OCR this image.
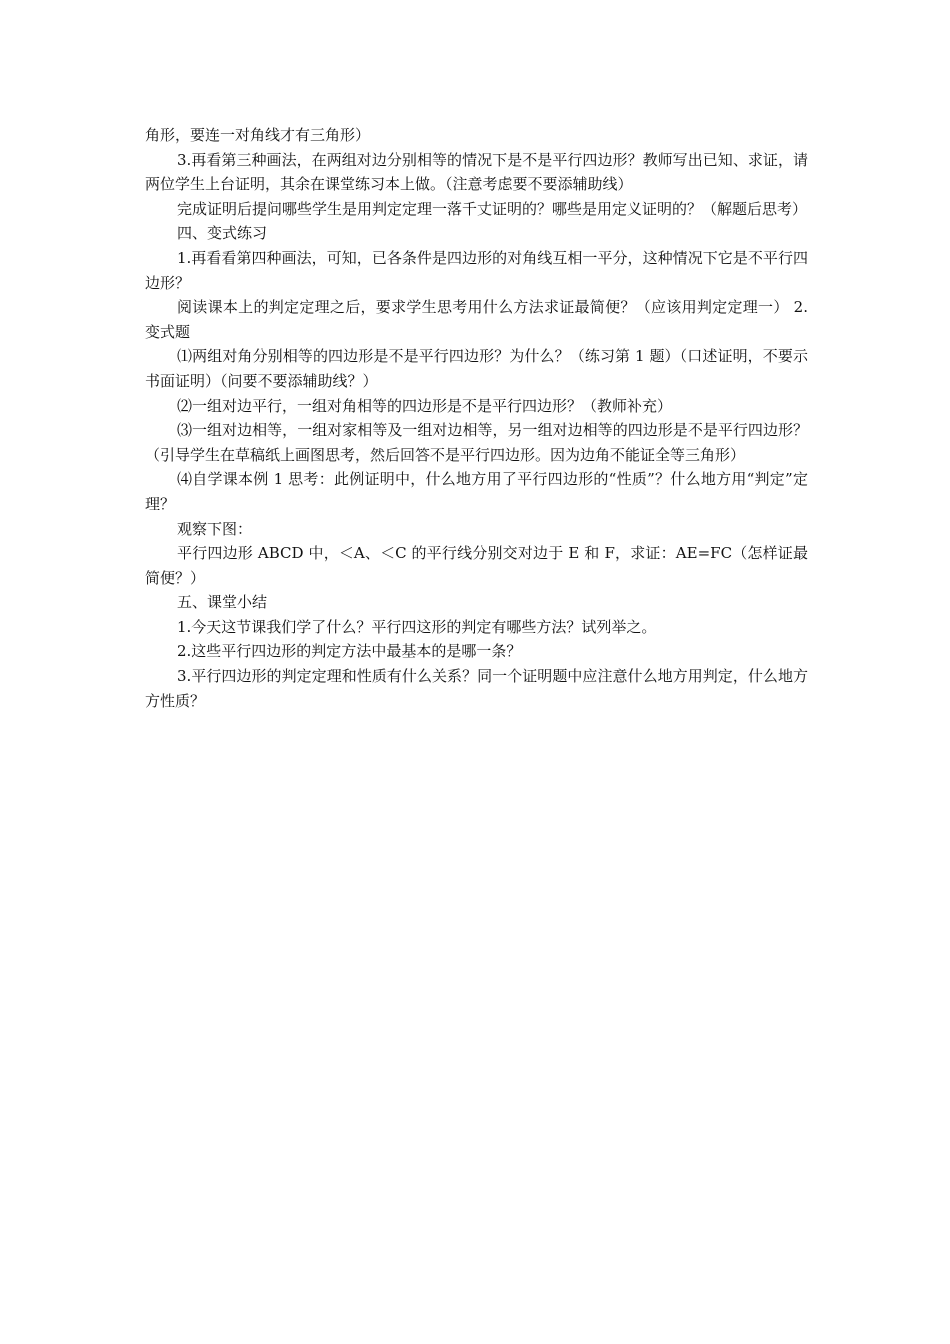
角形，要连一对角线才有三角形）

3.再看第三种画法，在两组对边分别相等的情况下是不是平行四边形？教师写出已知、求证，请两位学生上台证明，其余在课堂练习本上做。（注意考虑要不要添辅助线）

完成证明后提问哪些学生是用判定定理一落千丈证明的？哪些是用定义证明的？（解题后思考）

四、变式练习

1.再看看第四种画法，可知，已各条件是四边形的对角线互相一平分，这种情况下它是不平行四边形？

阅读课本上的判定定理之后，要求学生思考用什么方法求证最简便？（应该用判定定理一） 2.变式题

⑴两组对角分别相等的四边形是不是平行四边形？为什么？（练习第 1 题）（口述证明，不要示书面证明）（问要不要添辅助线？）

⑵一组对边平行，一组对角相等的四边形是不是平行四边形？（教师补充）

⑶一组对边相等，一组对家相等及一组对边相等，另一组对边相等的四边形是不是平行四边形？（引导学生在草稿纸上画图思考，然后回答不是平行四边形。因为边角不能证全等三角形）

⑷自学课本例 1 思考：此例证明中，什么地方用了平行四边形的“性质”？什么地方用“判定”定理？

观察下图：

平行四边形 ABCD 中，＜A、＜C 的平行线分别交对边于 E 和 F，求证：AE=FC（怎样证最简便？）

五、课堂小结

1.今天这节课我们学了什么？平行四这形的判定有哪些方法？试列举之。

2.这些平行四边形的判定方法中最基本的是哪一条？

3.平行四边形的判定定理和性质有什么关系？同一个证明题中应注意什么地方用判定，什么地方方性质？
